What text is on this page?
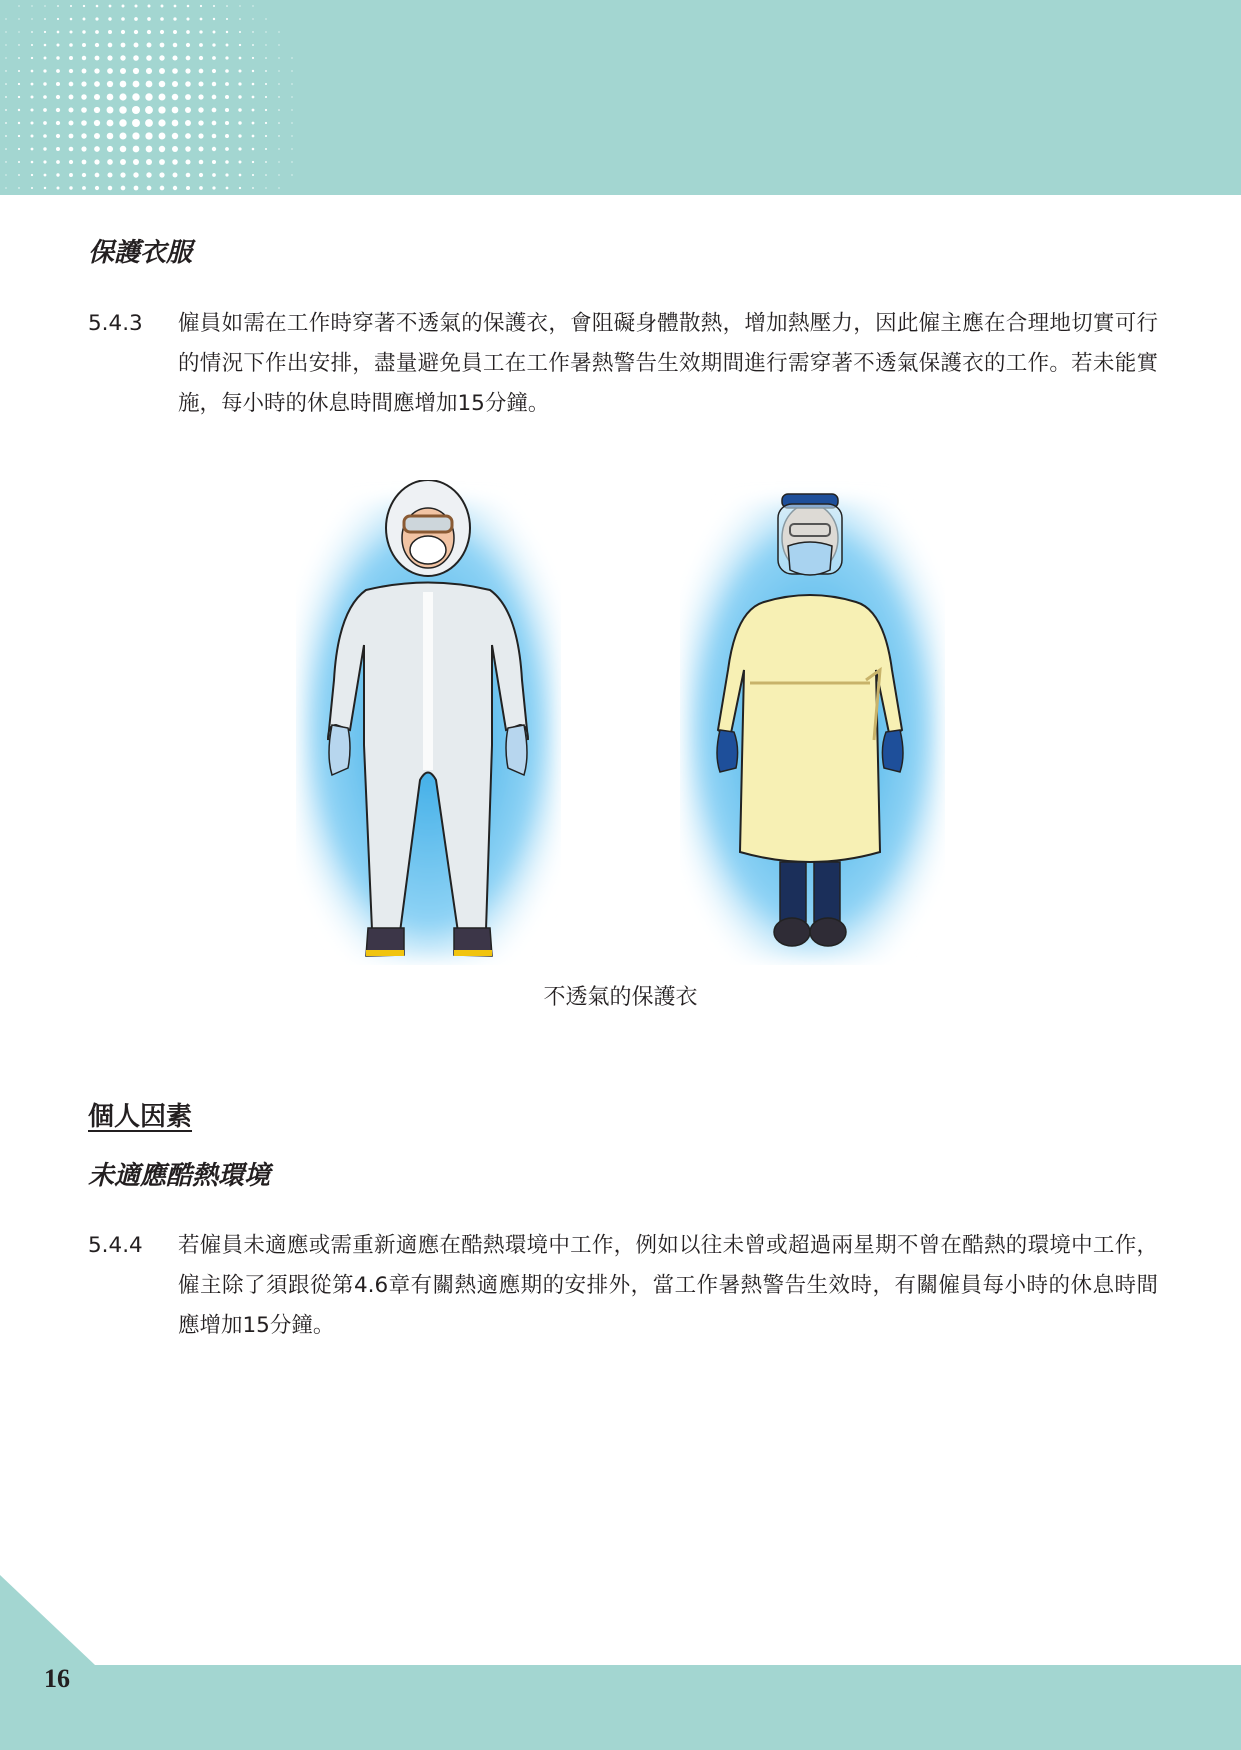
保護衣服
5.4.3	僱員如需在工作時穿著不透氣的保護衣，會阻礙身體散熱，增加熱壓力，因此僱主應在合理地切實可行的情況下作出安排，盡量避免員工在工作暑熱警告生效期間進行需穿著不透氣保護衣的工作。若未能實施，每小時的休息時間應增加15分鐘。
不透氣的保護衣
個人因素
未適應酷熱環境
5.4.4	若僱員未適應或需重新適應在酷熱環境中工作，例如以往未曾或超過兩星期不曾在酷熱的環境中工作，僱主除了須跟從第4.6章有關熱適應期的安排外，當工作暑熱警告生效時，有關僱員每小時的休息時間應增加15分鐘。
16
